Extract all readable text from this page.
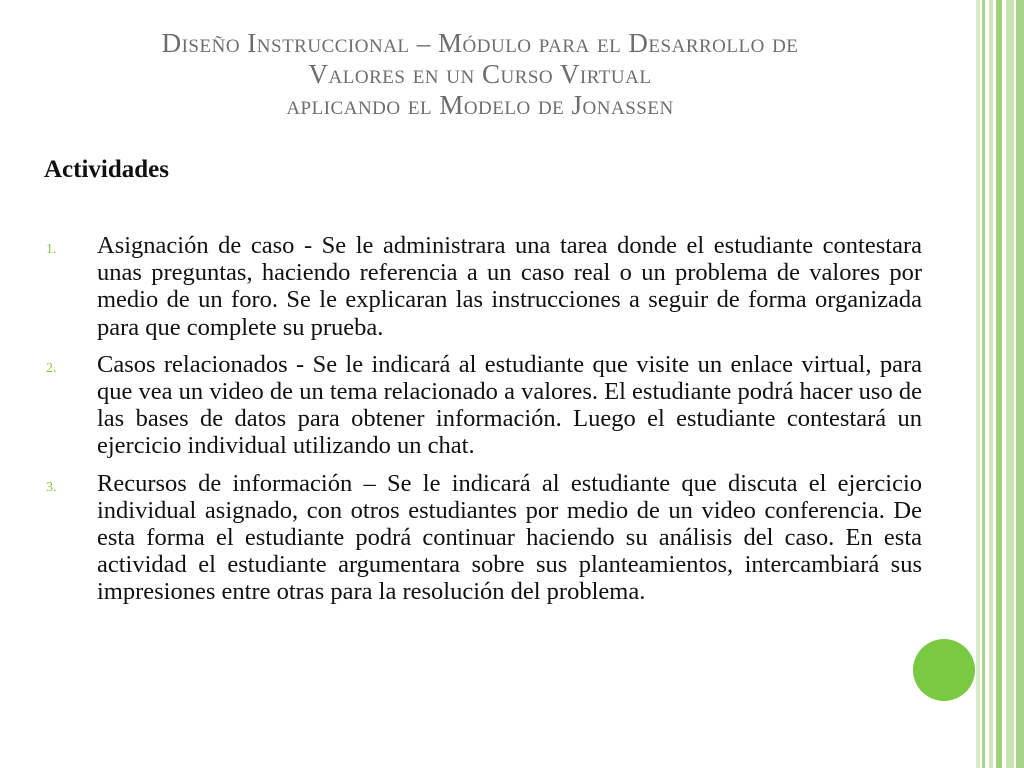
Diseño Instruccional – Módulo para el Desarrollo de
Valores en un Curso Virtual
aplicando el Modelo de Jonassen
Actividades
1. Asignación de caso - Se le administrara una tarea donde el estudiante contestara unas preguntas, haciendo referencia a un caso real o un problema de valores por medio de un foro. Se le explicaran las instrucciones a seguir de forma organizada para que complete su prueba.
2. Casos relacionados - Se le indicará al estudiante que visite un enlace virtual, para que vea un video de un tema relacionado a valores. El estudiante podrá hacer uso de las bases de datos para obtener información. Luego el estudiante contestará un ejercicio individual utilizando un chat.
3. Recursos de información – Se le indicará al estudiante que discuta el ejercicio individual asignado, con otros estudiantes por medio de un video conferencia. De esta forma el estudiante podrá continuar haciendo su análisis del caso. En esta actividad el estudiante argumentara sobre sus planteamientos, intercambiará sus impresiones entre otras para la resolución del problema.
